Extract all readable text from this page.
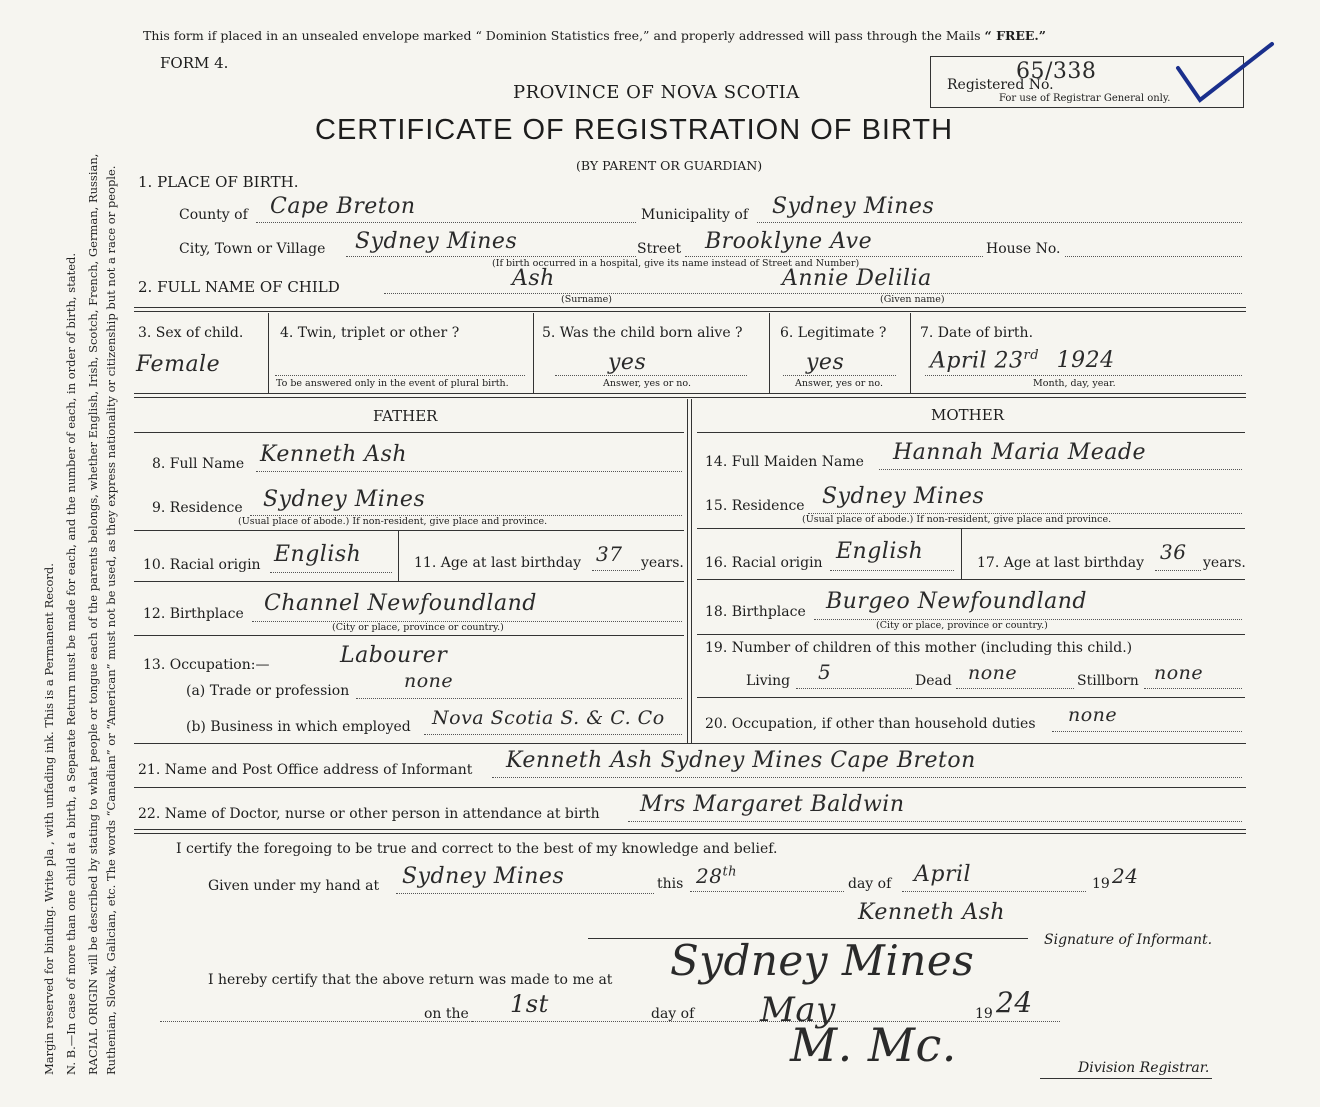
Margin reserved for binding. Write pla , with unfading ink. This is a Permanent Record. N. B.—In case of more than one child at a birth, a Separate Return must be made for each, and the number of each, in order of birth, stated. RACIAL ORIGIN will be described by stating to what people or tongue each of the parents belongs, whether English, Irish, Scotch, French, German, Russian, Ruthenian, Slovak, Galician, etc. The words “Canadian” or “American” must not be used, as they express nationality or citizenship but not a race or people.
This form if placed in an unsealed envelope marked “ Dominion Statistics free,” and properly addressed will pass through the Mails “ FREE.”
FORM 4.
PROVINCE OF NOVA SCOTIA
CERTIFICATE OF REGISTRATION OF BIRTH
(BY PARENT OR GUARDIAN)
Registered No.
65/338
For use of Registrar General only.
1. PLACE OF BIRTH.
County of Cape Breton	Municipality of Sydney Mines
City, Town or Village Sydney Mines	Street Brooklyne Ave	House No.
(If birth occurred in a hospital, give its name instead of Street and Number)
2. FULL NAME OF CHILD	Ash
(Surname)
Annie Delilia
(Given name)
3. Sex of child.
Female
4. Twin, triplet or other ?
To be answered only in the event of plural birth.
5. Was the child born alive ?
yes
Answer, yes or no.
6. Legitimate ?
yes
Answer, yes or no.
7. Date of birth.
April 23rd 1924
Month, day, year.
FATHER
8. Full Name Kenneth Ash
9. Residence Sydney Mines
(Usual place of abode.) If non-resident, give place and province.
10. Racial origin English	11. Age at last birthday 37 years.
12. Birthplace Channel Newfoundland
(City or place, province or country.)
13. Occupation:—	Labourer
(a) Trade or profession	none
(b) Business in which employed Nova Scotia S. & C. Co
MOTHER
14. Full Maiden Name Hannah Maria Meade
15. Residence Sydney Mines
(Usual place of abode.) If non-resident, give place and province.
16. Racial origin English	17. Age at last birthday 36 years.
18. Birthplace Burgeo Newfoundland
(City or place, province or country.)
19. Number of children of this mother (including this child.)
Living 5	Dead none	Stillborn none
20. Occupation, if other than household duties none
21. Name and Post Office address of Informant Kenneth Ash Sydney Mines Cape Breton
22. Name of Doctor, nurse or other person in attendance at birth Mrs Margaret Baldwin
I certify the foregoing to be true and correct to the best of my knowledge and belief.
Given under my hand at Sydney Mines	this 28th
day of April	19 24
Kenneth Ash
Signature of Informant.
I hereby certify that the above return was made to me at Sydney Mines
on the 1st	day of May	19 24
M. Mc.	Division Registrar.
